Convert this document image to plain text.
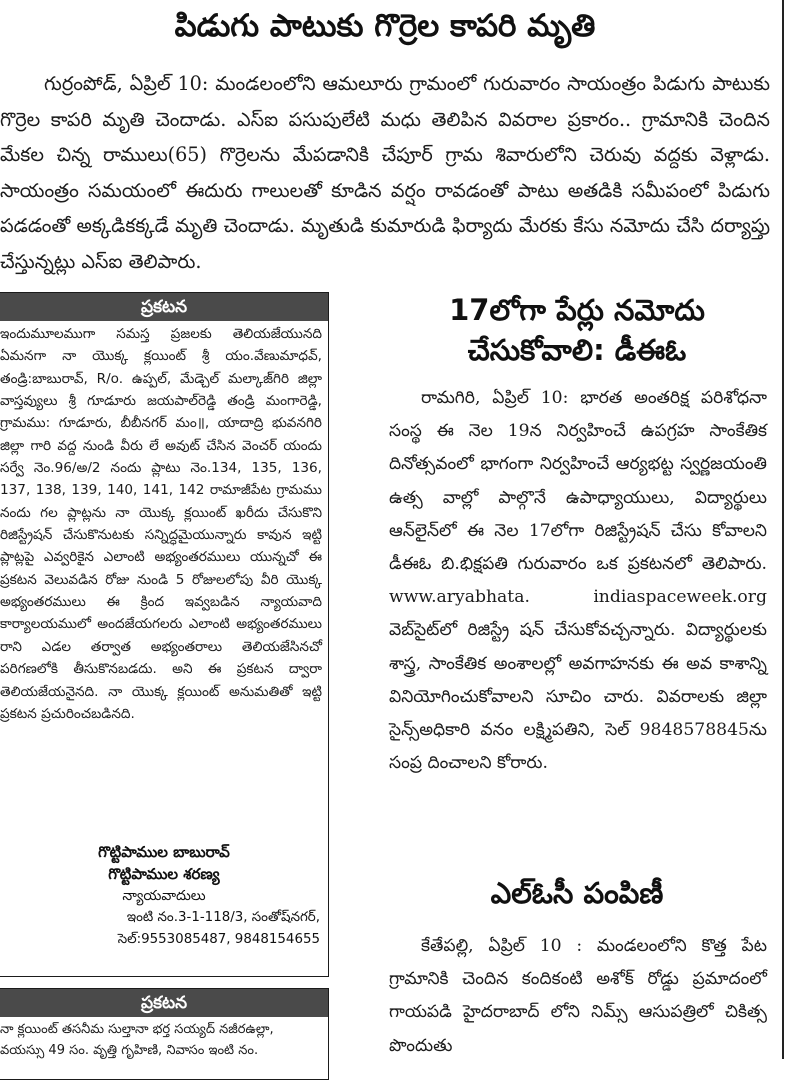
పిడుగు పాటుకు గొర్రెల కాపరి మృతి

గుర్రంపోడ్, ఏప్రిల్ 10: మండలంలోని ఆమలూరు గ్రామంలో గురువారం సాయంత్రం పిడుగు పాటుకు గొర్రెల కాపరి మృతి చెందాడు. ఎస్ఐ పసుపులేటి మధు తెలిపిన వివరాల ప్రకారం.. గ్రామానికి చెందిన మేకల చిన్న రాములు(65) గొర్రెలను మేపడానికి చేపూర్ గ్రామ శివారులోని చెరువు వద్దకు వెళ్లాడు. సాయంత్రం సమయంలో ఈదురు గాలులతో కూడిన వర్షం రావడంతో పాటు అతడికి సమీపంలో పిడుగు పడడంతో అక్కడికక్కడే మృతి చెందాడు. మృతుడి కుమారుడి ఫిర్యాదు మేరకు కేసు నమోదు చేసి దర్యాప్తు చేస్తున్నట్లు ఎస్ఐ తెలిపారు.

ప్రకటన
ఇందుమూలముగా సమస్త ప్రజలకు తెలియజేయునది ఏమనగా నా యొక్క క్లయింట్ శ్రీ యం.వేణుమాధవ్, తండ్రి:బాబురావ్, R/o. ఉప్పల్, మేడ్చెల్ మల్కాజ్‌గిరి జిల్లా వాస్తవ్యులు శ్రీ గూడూరు జయపాల్‌రెడ్డి తండ్రి మంగారెడ్డి, గ్రామము: గూడూరు, బీబీనగర్ మం॥, యాదాద్రి భువనగిరి జిల్లా గారి వద్ద నుండి వీరు లే అవుట్ చేసిన వెంచర్ యందు సర్వే నెం.96/అ/2 నందు ప్లాటు నెం.134, 135, 136, 137, 138, 139, 140, 141, 142 రామాజీపేట గ్రామము నందు గల ప్లాట్లను నా యొక్క క్లయింట్ ఖరీదు చేసుకొని రిజిస్ట్రేషన్ చేసుకొనుటకు సన్నిద్ధమైయున్నారు కావున ఇట్టి ప్లాట్లపై ఎవ్వరికైన ఎలాంటి అభ్యంతరములు యున్నచో ఈ ప్రకటన వెలువడిన రోజు నుండి 5 రోజులలోపు వీరి యొక్క అభ్యంతరములు ఈ క్రింద ఇవ్వబడిన న్యాయవాది కార్యాలయములో అందజేయగలరు ఎలాంటి అభ్యంతరములు రాని ఎడల తర్వాత అభ్యంతరాలు తెలియజేసినచో పరిగణలోకి తీసుకొనబడదు. అని ఈ ప్రకటన ద్వారా తెలియజేయనైనది. నా యొక్క క్లయింట్ అనుమతితో ఇట్టి ప్రకటన ప్రచురించబడినది.
గొట్టిపాముల బాబురావ్
గొట్టిపాముల శరణ్య
న్యాయవాదులు
ఇంటి నం.3-1-118/3, సంతోష్‌నగర్,
సెల్:9553085487, 9848154655
ప్రకటన
నా క్లయింట్ తసనీమ సుల్తానా భర్త సయ్యద్ నజీరఉల్లా, వయస్సు 49 సం. వృత్తి గృహిణి, నివాసం ఇంటి నం.
17లోగా పేర్లు నమోదు
చేసుకోవాలి: డీఈఓ

రామగిరి, ఏప్రిల్ 10: భారత అంతరిక్ష పరిశోధనా సంస్థ ఈ నెల 19న నిర్వహించే ఉపగ్రహ సాంకేతిక దినోత్సవంలో భాగంగా నిర్వహించే ఆర్యభట్ట స్వర్ణజయంతి ఉత్స వాల్లో పాల్గొనే ఉపాధ్యాయులు, విద్యార్థులు ఆన్‌లైన్‌లో ఈ నెల 17లోగా రిజిస్ట్రేషన్ చేసు కోవాలని డీఈఓ బి.భిక్షపతి గురువారం ఒక ప్రకటనలో తెలిపారు. www.aryabhata. indiaspaceweek.org వెబ్‌సైట్‌లో రిజిస్ట్రే షన్ చేసుకోవచ్చన్నారు. విద్యార్థులకు శాస్త్ర, సాంకేతిక అంశాలల్లో అవగాహనకు ఈ అవ కాశాన్ని వినియోగించుకోవాలని సూచిం చారు. వివరాలకు జిల్లా సైన్స్‌అధికారి వనం లక్ష్మిపతిని, సెల్ 9848578845ను సంప్ర దించాలని కోరారు.

ఎల్ఓసీ పంపిణీ

కేతేపల్లి, ఏప్రిల్ 10 : మండలంలోని కొత్త పేట గ్రామానికి చెందిన కందికంటి అశోక్ రోడ్డు ప్రమాదంలో గాయపడి హైదరాబాద్ లోని నిమ్స్ ఆసుపత్రిలో చికిత్స పొందుతు
